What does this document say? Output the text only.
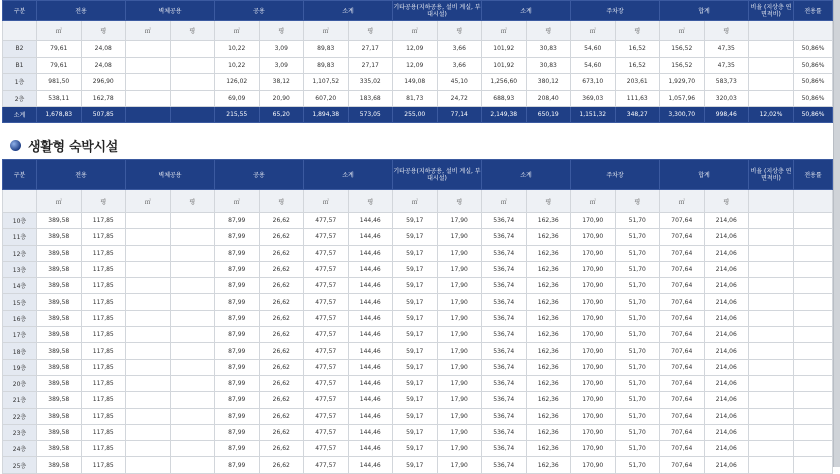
구분	전용		벽체공용		공용		소계		기타공용(지하공용, 설비 계실, 부대시설)		소계		주차장		합계		비율 (지상층 연면적비)	전용률
	㎡	평	㎡	평	㎡	평	㎡	평	㎡	평	㎡	평	㎡	평	㎡	평		
B2	79,61	24,08			10,22	3,09	89,83	27,17	12,09	3,66	101,92	30,83	54,60	16,52	156,52	47,35		50,86%
B1	79,61	24,08			10,22	3,09	89,83	27,17	12,09	3,66	101,92	30,83	54,60	16,52	156,52	47,35		50,86%
1층	981,50	296,90			126,02	38,12	1,107,52	335,02	149,08	45,10	1,256,60	380,12	673,10	203,61	1,929,70	583,73		50,86%
2층	538,11	162,78			69,09	20,90	607,20	183,68	81,73	24,72	688,93	208,40	369,03	111,63	1,057,96	320,03		50,86%
소계	1,678,83	507,85			215,55	65,20	1,894,38	573,05	255,00	77,14	2,149,38	650,19	1,151,32	348,27	3,300,70	998,46	12,02%	50,86%
생활형 숙박시설
구분	전용		벽체공용		공용		소계		기타공용(지하공용, 설비 계실, 부대시설)		소계		주차장		합계		비율 (지상층 연면적비)	전용률
	㎡	평	㎡	평	㎡	평	㎡	평	㎡	평	㎡	평	㎡	평	㎡	평		
10층	389,58	117,85			87,99	26,62	477,57	144,46	59,17	17,90	536,74	162,36	170,90	51,70	707,64	214,06		
11층	389,58	117,85			87,99	26,62	477,57	144,46	59,17	17,90	536,74	162,36	170,90	51,70	707,64	214,06		
12층	389,58	117,85			87,99	26,62	477,57	144,46	59,17	17,90	536,74	162,36	170,90	51,70	707,64	214,06		
13층	389,58	117,85			87,99	26,62	477,57	144,46	59,17	17,90	536,74	162,36	170,90	51,70	707,64	214,06		
14층	389,58	117,85			87,99	26,62	477,57	144,46	59,17	17,90	536,74	162,36	170,90	51,70	707,64	214,06		
15층	389,58	117,85			87,99	26,62	477,57	144,46	59,17	17,90	536,74	162,36	170,90	51,70	707,64	214,06		
16층	389,58	117,85			87,99	26,62	477,57	144,46	59,17	17,90	536,74	162,36	170,90	51,70	707,64	214,06		
17층	389,58	117,85			87,99	26,62	477,57	144,46	59,17	17,90	536,74	162,36	170,90	51,70	707,64	214,06		
18층	389,58	117,85			87,99	26,62	477,57	144,46	59,17	17,90	536,74	162,36	170,90	51,70	707,64	214,06		
19층	389,58	117,85			87,99	26,62	477,57	144,46	59,17	17,90	536,74	162,36	170,90	51,70	707,64	214,06		
20층	389,58	117,85			87,99	26,62	477,57	144,46	59,17	17,90	536,74	162,36	170,90	51,70	707,64	214,06		
21층	389,58	117,85			87,99	26,62	477,57	144,46	59,17	17,90	536,74	162,36	170,90	51,70	707,64	214,06		
22층	389,58	117,85			87,99	26,62	477,57	144,46	59,17	17,90	536,74	162,36	170,90	51,70	707,64	214,06		
23층	389,58	117,85			87,99	26,62	477,57	144,46	59,17	17,90	536,74	162,36	170,90	51,70	707,64	214,06		
24층	389,58	117,85			87,99	26,62	477,57	144,46	59,17	17,90	536,74	162,36	170,90	51,70	707,64	214,06		
25층	389,58	117,85			87,99	26,62	477,57	144,46	59,17	17,90	536,74	162,36	170,90	51,70	707,64	214,06		
